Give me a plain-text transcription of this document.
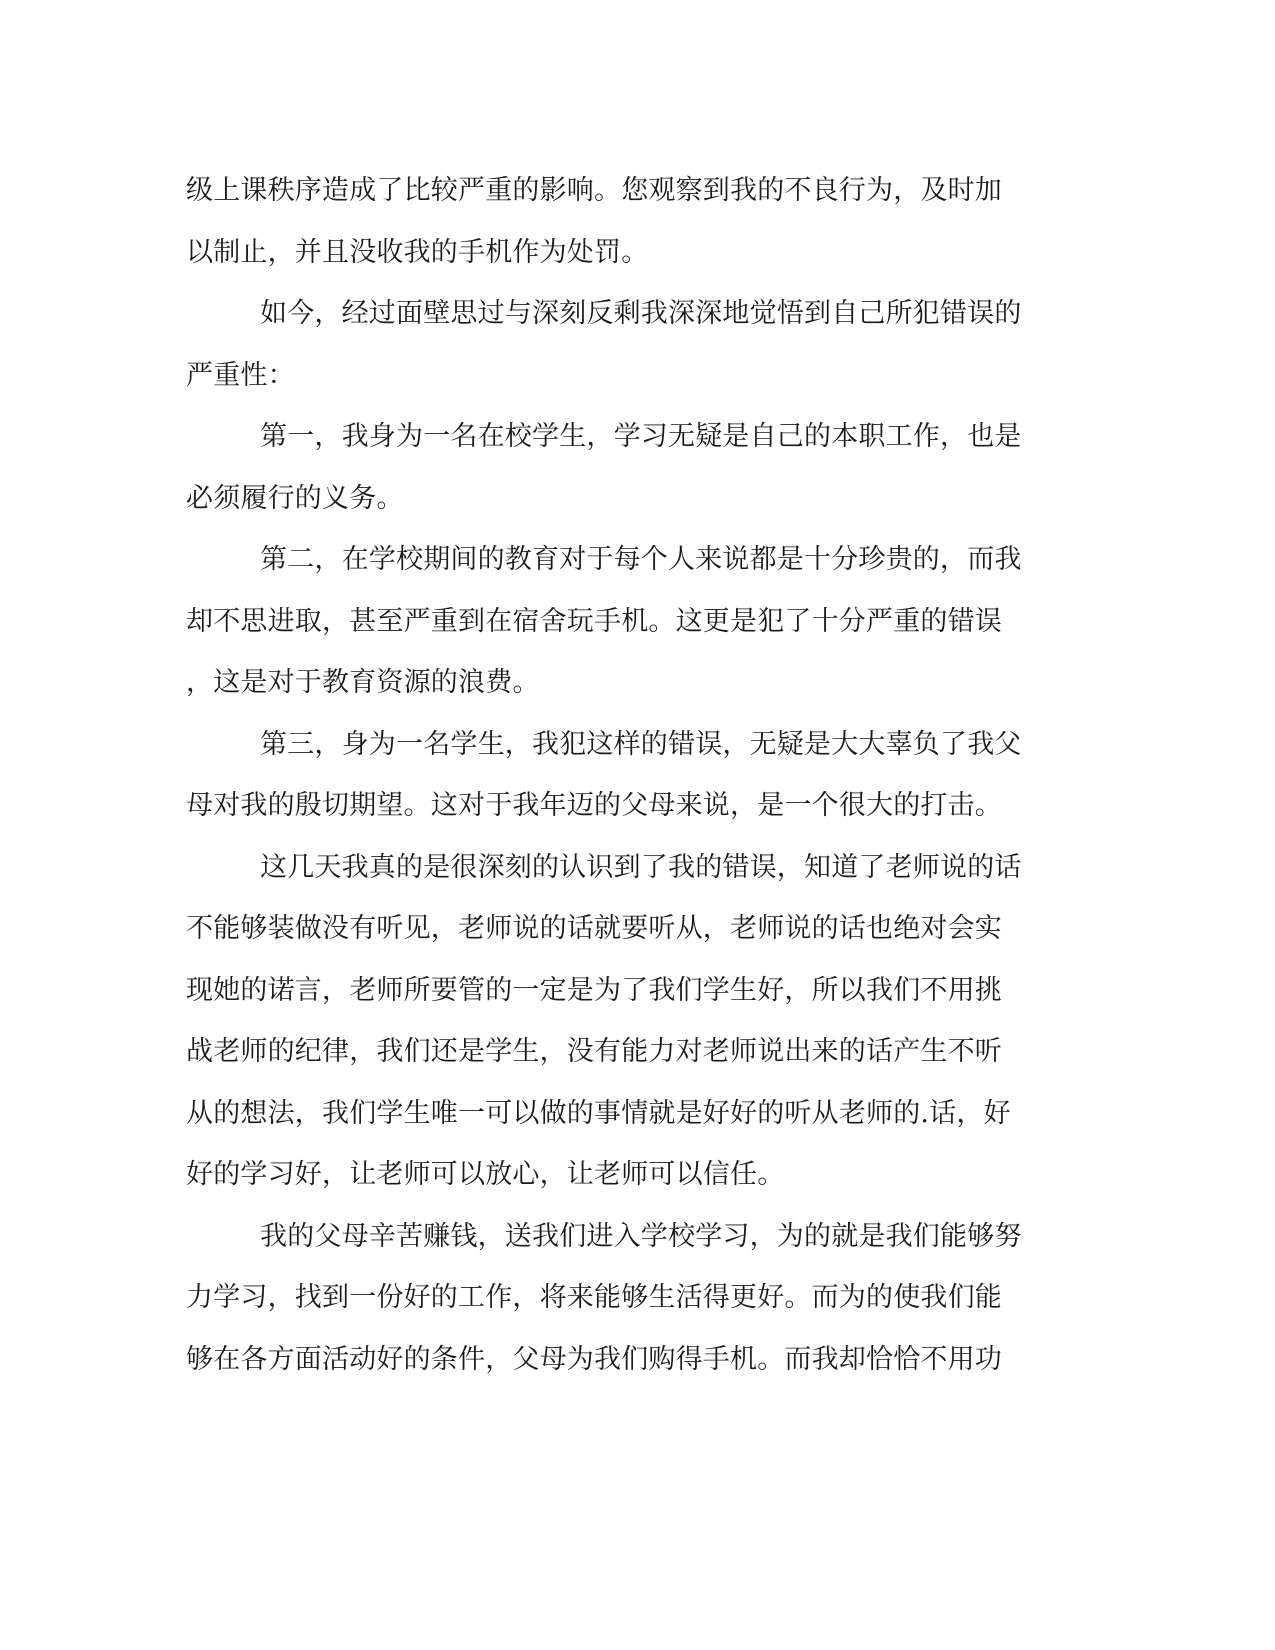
级上课秩序造成了比较严重的影响。您观察到我的不良行为，及时加
以制止，并且没收我的手机作为处罚。
如今，经过面壁思过与深刻反剩我深深地觉悟到自己所犯错误的
严重性：
第一，我身为一名在校学生，学习无疑是自己的本职工作，也是
必须履行的义务。
第二，在学校期间的教育对于每个人来说都是十分珍贵的，而我
却不思进取，甚至严重到在宿舍玩手机。这更是犯了十分严重的错误
，这是对于教育资源的浪费。
第三，身为一名学生，我犯这样的错误，无疑是大大辜负了我父
母对我的殷切期望。这对于我年迈的父母来说，是一个很大的打击。
这几天我真的是很深刻的认识到了我的错误，知道了老师说的话
不能够装做没有听见，老师说的话就要听从，老师说的话也绝对会实
现她的诺言，老师所要管的一定是为了我们学生好，所以我们不用挑
战老师的纪律，我们还是学生，没有能力对老师说出来的话产生不听
从的想法，我们学生唯一可以做的事情就是好好的听从老师的.话，好
好的学习好，让老师可以放心，让老师可以信任。
我的父母辛苦赚钱，送我们进入学校学习，为的就是我们能够努
力学习，找到一份好的工作，将来能够生活得更好。而为的使我们能
够在各方面活动好的条件，父母为我们购得手机。而我却恰恰不用功
